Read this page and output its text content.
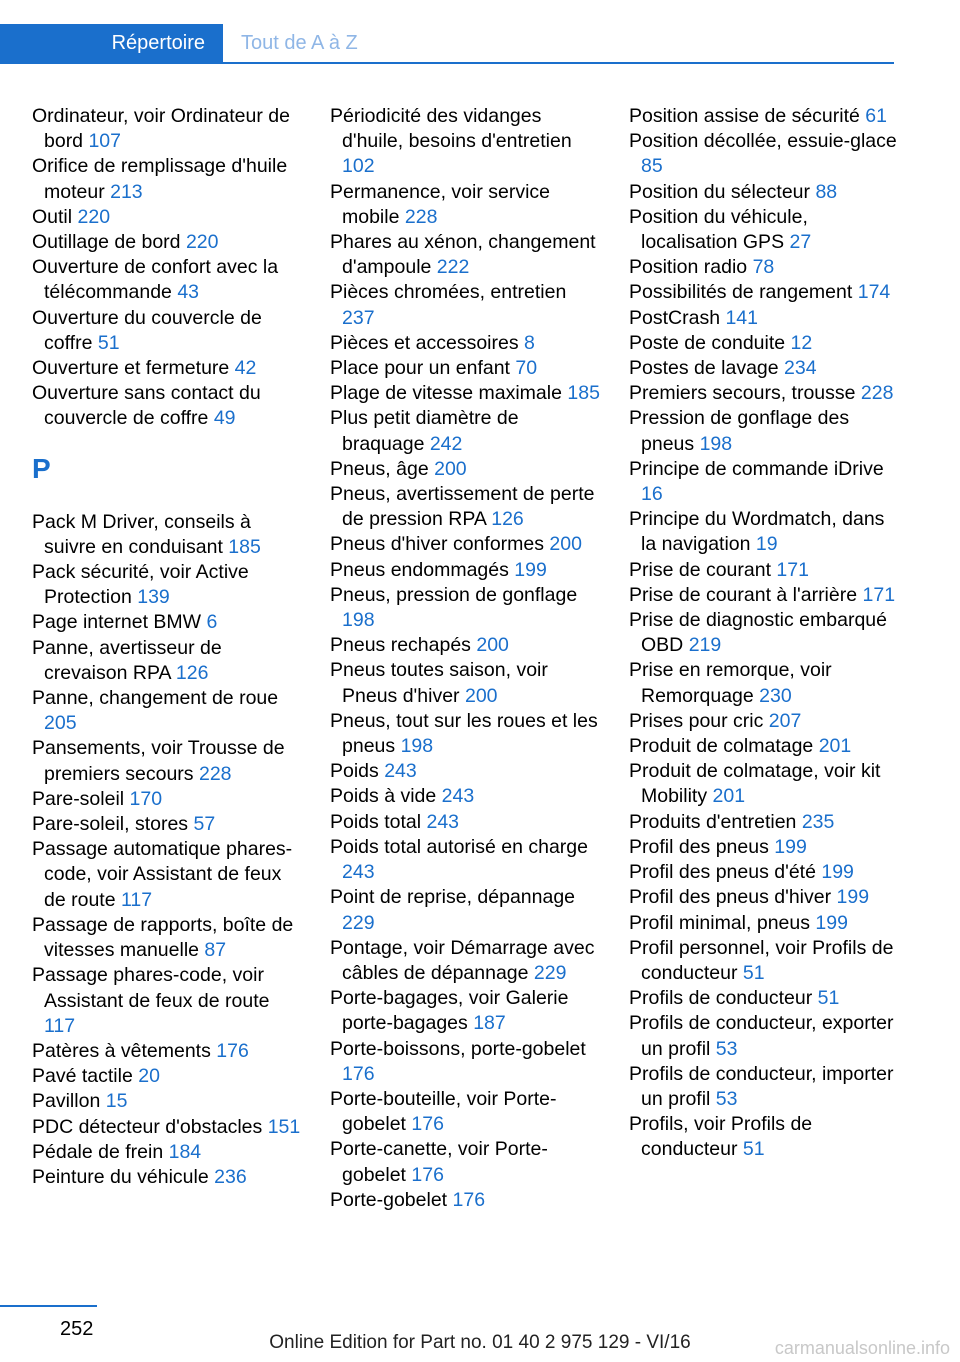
Répertoire	Tout de A à Z
Ordinateur, voir Ordinateur de bord 107
Orifice de remplissage d'huile moteur 213
Outil 220
Outillage de bord 220
Ouverture de confort avec la télécommande 43
Ouverture du couvercle de coffre 51
Ouverture et fermeture 42
Ouverture sans contact du couvercle de coffre 49
P
Pack M Driver, conseils à suivre en conduisant 185
Pack sécurité, voir Active Protection 139
Page internet BMW 6
Panne, avertisseur de crevaison RPA 126
Panne, changement de roue 205
Pansements, voir Trousse de premiers secours 228
Pare-soleil 170
Pare-soleil, stores 57
Passage automatique phares-code, voir Assistant de feux de route 117
Passage de rapports, boîte de vitesses manuelle 87
Passage phares-code, voir Assistant de feux de route 117
Patères à vêtements 176
Pavé tactile 20
Pavillon 15
PDC détecteur d'obstacles 151
Pédale de frein 184
Peinture du véhicule 236
Périodicité des vidanges d'huile, besoins d'entretien 102
Permanence, voir service mobile 228
Phares au xénon, changement d'ampoule 222
Pièces chromées, entretien 237
Pièces et accessoires 8
Place pour un enfant 70
Plage de vitesse maximale 185
Plus petit diamètre de braquage 242
Pneus, âge 200
Pneus, avertissement de perte de pression RPA 126
Pneus d'hiver conformes 200
Pneus endommagés 199
Pneus, pression de gonflage 198
Pneus rechapés 200
Pneus toutes saison, voir Pneus d'hiver 200
Pneus, tout sur les roues et les pneus 198
Poids 243
Poids à vide 243
Poids total 243
Poids total autorisé en charge 243
Point de reprise, dépannage 229
Pontage, voir Démarrage avec câbles de dépannage 229
Porte-bagages, voir Galerie porte-bagages 187
Porte-boissons, porte-gobelet 176
Porte-bouteille, voir Porte-gobelet 176
Porte-canette, voir Porte-gobelet 176
Porte-gobelet 176
Position assise de sécurité 61
Position décollée, essuie-glace 85
Position du sélecteur 88
Position du véhicule, localisation GPS 27
Position radio 78
Possibilités de rangement 174
PostCrash 141
Poste de conduite 12
Postes de lavage 234
Premiers secours, trousse 228
Pression de gonflage des pneus 198
Principe de commande iDrive 16
Principe du Wordmatch, dans la navigation 19
Prise de courant 171
Prise de courant à l'arrière 171
Prise de diagnostic embarqué OBD 219
Prise en remorque, voir Remorquage 230
Prises pour cric 207
Produit de colmatage 201
Produit de colmatage, voir kit Mobility 201
Produits d'entretien 235
Profil des pneus 199
Profil des pneus d'été 199
Profil des pneus d'hiver 199
Profil minimal, pneus 199
Profil personnel, voir Profils de conducteur 51
Profils de conducteur 51
Profils de conducteur, exporter un profil 53
Profils de conducteur, importer un profil 53
Profils, voir Profils de conducteur 51
252
Online Edition for Part no. 01 40 2 975 129 - VI/16	carmanualsonline.info
